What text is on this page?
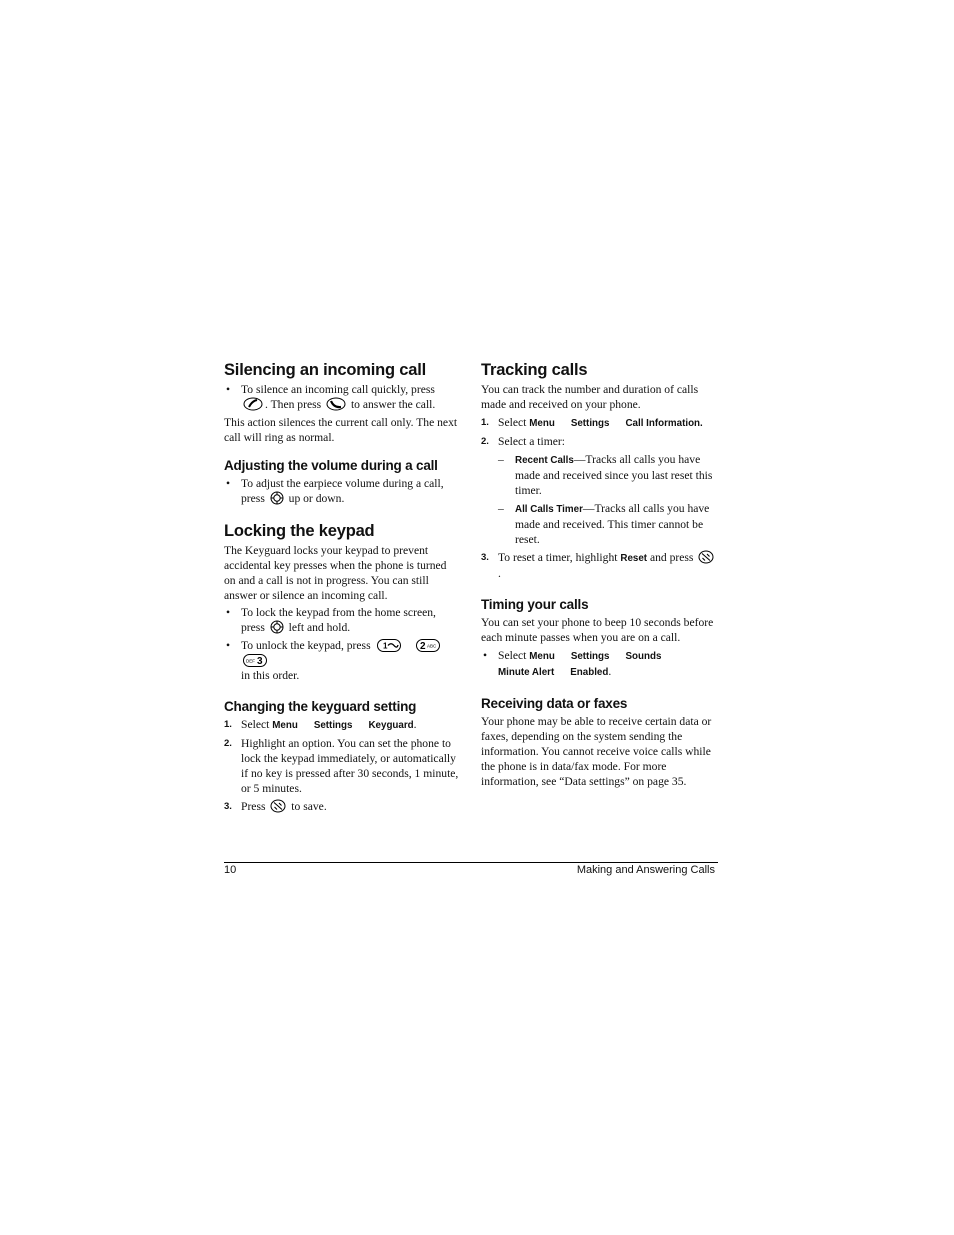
Silencing an incoming call
• To silence an incoming call quickly, press . Then press	to answer the call.

This action silences the current call only. The next call will ring as normal.

Adjusting the volume during a call
• To adjust the earpiece volume during a call, press up or down.
Locking the keypad

The Keyguard locks your keypad to prevent accidental key presses when the phone is turned on and a call is not in progress. You can still answer or silence an incoming call.

• To lock the keypad from the home screen, press left and hold.
• To unlock the keypad, press 1
	2 ABC

DEF 3

in this order.
Changing the keyguard setting
1. Select Menu Settings Keyguard.
2. Highlight an option. You can set the phone to lock the keypad immediately, or automatically if no key is pressed after 30 seconds, 1 minute, or 5 minutes.
3. Press to save.
Tracking calls

You can track the number and duration of calls made and received on your phone.

1. Select Menu Settings Call Information.
2. Select a timer:
– Recent Calls—Tracks all calls you have made and received since you last reset this timer.
– All Calls Timer—Tracks all calls you have made and received. This timer cannot be reset.
3. To reset a timer, highlight Reset and press .
Timing your calls

You can set your phone to beep 10 seconds before each minute passes when you are on a call.

• Select Menu Settings Sounds
Minute Alert Enabled.
Receiving data or faxes

Your phone may be able to receive certain data or faxes, depending on the system sending the information. You cannot receive voice calls while the phone is in data/fax mode. For more information, see “Data settings” on page 35.

10	Making and Answering Calls
